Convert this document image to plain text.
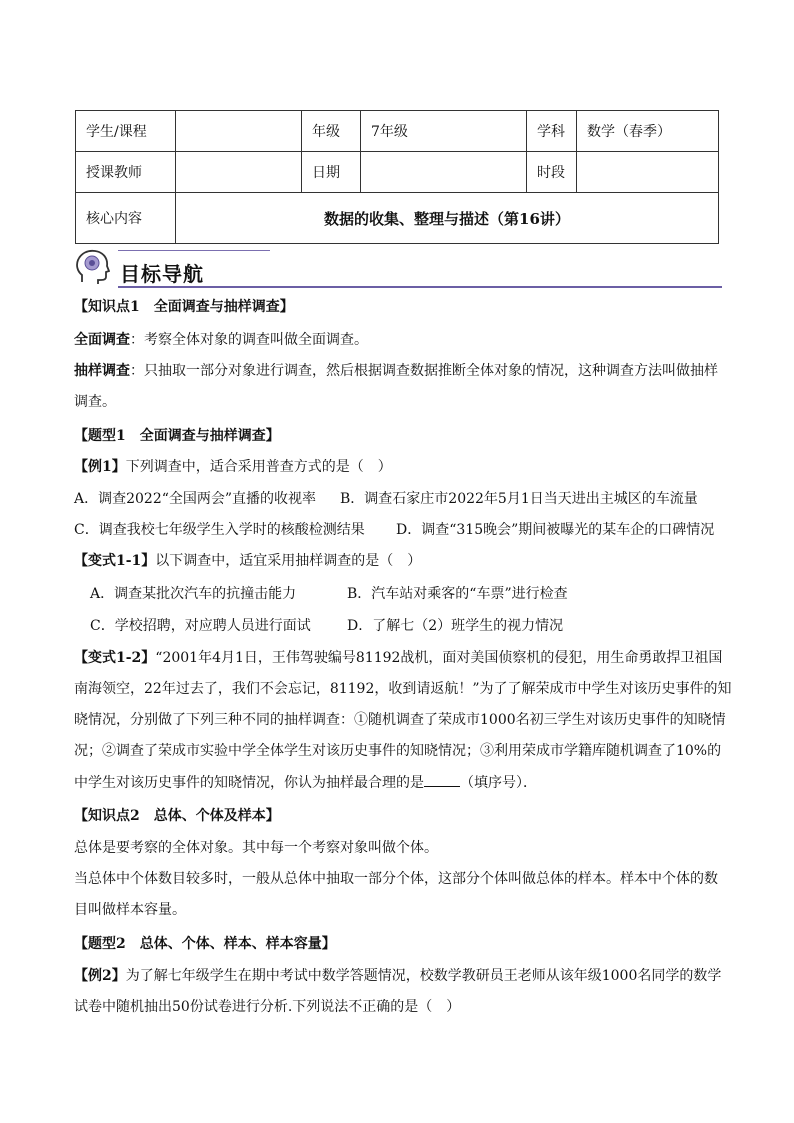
学生/课程		年级	7年级	学科	数学（春季）
授课教师		日期		时段	
核心内容	数据的收集、整理与描述（第16讲）				
目标导航
【知识点1　全面调查与抽样调查】
全面调查：考察全体对象的调查叫做全面调查。
抽样调查：只抽取一部分对象进行调查，然后根据调查数据推断全体对象的情况，这种调查方法叫做抽样
调查。
【题型1　全面调查与抽样调查】
【例1】下列调查中，适合采用普查方式的是（　）
A．调查2022“全国两会”直播的收视率 B．调查石家庄市2022年5月1日当天进出主城区的车流量
C．调查我校七年级学生入学时的核酸检测结果 D．调查“315晚会”期间被曝光的某车企的口碑情况
【变式1-1】以下调查中，适宜采用抽样调查的是（　）
A．调查某批次汽车的抗撞击能力	B．汽车站对乘客的“车票”进行检查
C．学校招聘，对应聘人员进行面试	D．了解七（2）班学生的视力情况
【变式1-2】“2001年4月1日，王伟驾驶编号81192战机，面对美国侦察机的侵犯，用生命勇敢捍卫祖国
南海领空，22年过去了，我们不会忘记，81192，收到请返航！”为了了解荣成市中学生对该历史事件的知
晓情况，分别做了下列三种不同的抽样调查：①随机调查了荣成市1000名初三学生对该历史事件的知晓情
况；②调查了荣成市实验中学全体学生对该历史事件的知晓情况；③利用荣成市学籍库随机调查了10%的
中学生对该历史事件的知晓情况，你认为抽样最合理的是	（填序号）．
【知识点2　总体、个体及样本】
总体是要考察的全体对象。其中每一个考察对象叫做个体。
当总体中个体数目较多时，一般从总体中抽取一部分个体，这部分个体叫做总体的样本。样本中个体的数
目叫做样本容量。
【题型2　总体、个体、样本、样本容量】
【例2】为了解七年级学生在期中考试中数学答题情况，校数学教研员王老师从该年级1000名同学的数学
试卷中随机抽出50份试卷进行分析.下列说法不正确的是（　）
